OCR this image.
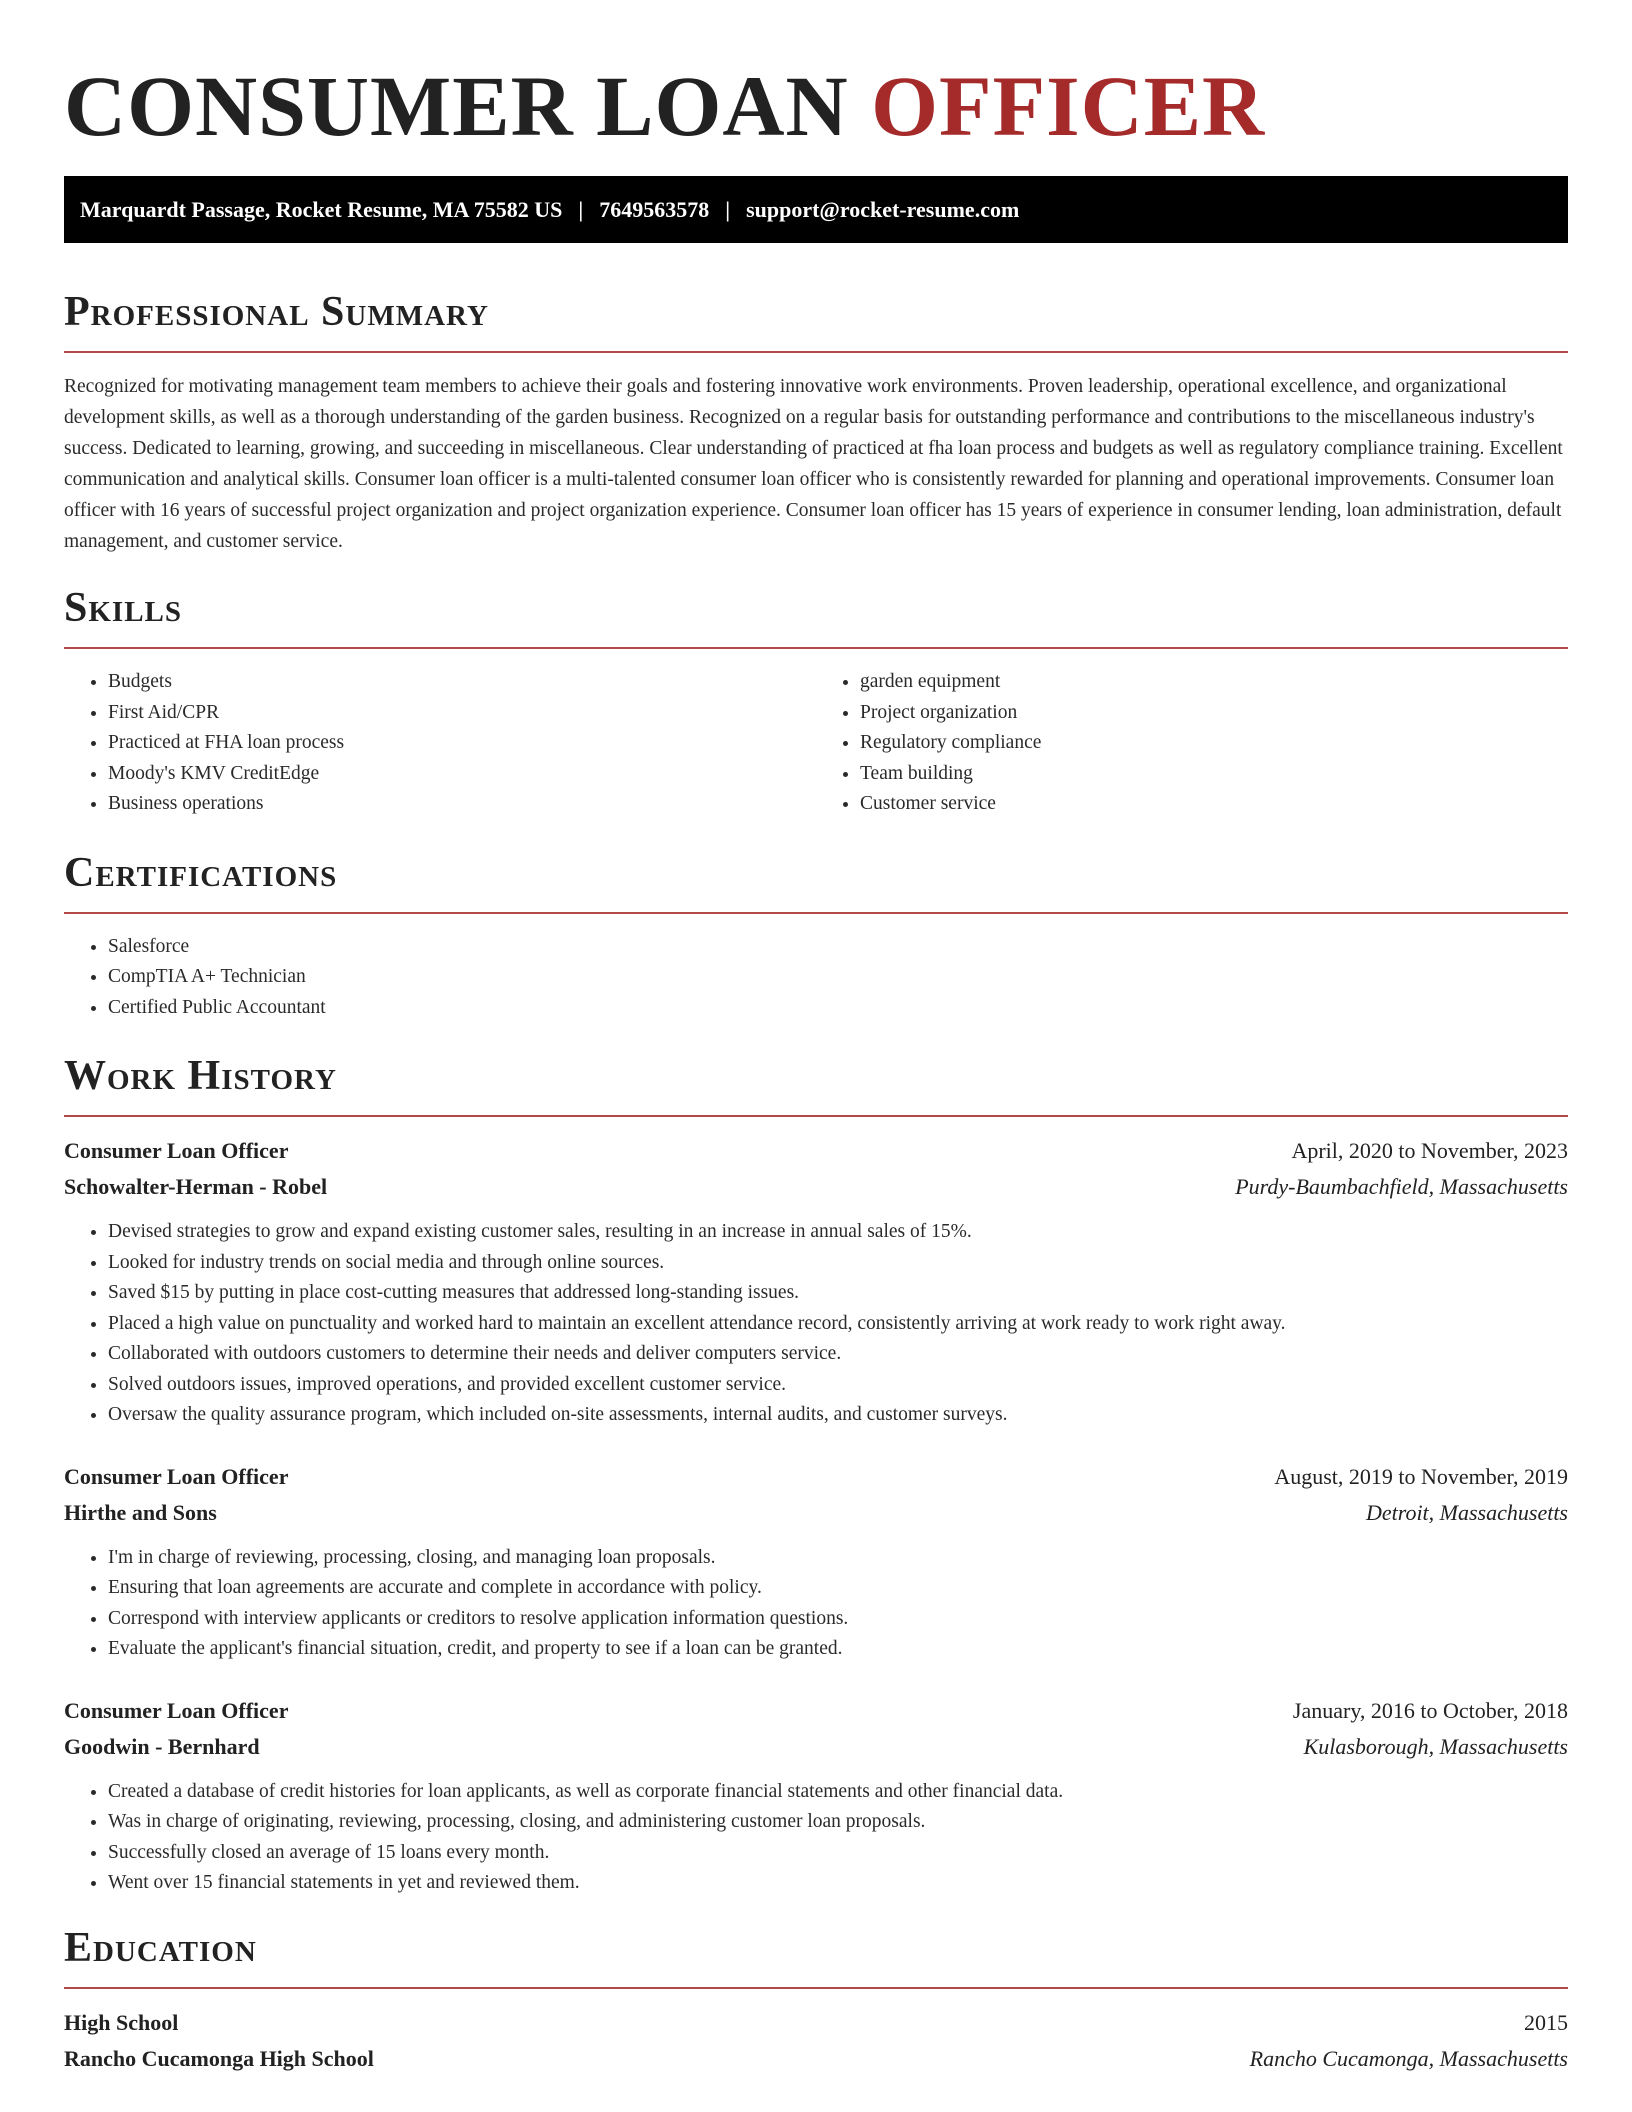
CONSUMER LOAN OFFICER
Marquardt Passage, Rocket Resume, MA 75582 US | 7649563578 | support@rocket-resume.com
Professional Summary

Recognized for motivating management team members to achieve their goals and fostering innovative work environments. Proven leadership, operational excellence, and organizational development skills, as well as a thorough understanding of the garden business. Recognized on a regular basis for outstanding performance and contributions to the miscellaneous industry's success. Dedicated to learning, growing, and succeeding in miscellaneous. Clear understanding of practiced at fha loan process and budgets as well as regulatory compliance training. Excellent communication and analytical skills. Consumer loan officer is a multi-talented consumer loan officer who is consistently rewarded for planning and operational improvements. Consumer loan officer with 16 years of successful project organization and project organization experience. Consumer loan officer has 15 years of experience in consumer lending, loan administration, default management, and customer service.

Skills
• Budgets
• First Aid/CPR
• Practiced at FHA loan process
• Moody's KMV CreditEdge
• Business operations
• garden equipment
• Project organization
• Regulatory compliance
• Team building
• Customer service
Certifications
• Salesforce
• CompTIA A+ Technician
• Certified Public Accountant
Work History
Consumer Loan Officer	April, 2020 to November, 2023
Schowalter-Herman - Robel	Purdy-Baumbachfield, Massachusetts
• Devised strategies to grow and expand existing customer sales, resulting in an increase in annual sales of 15%.
• Looked for industry trends on social media and through online sources.
• Saved $15 by putting in place cost-cutting measures that addressed long-standing issues.
• Placed a high value on punctuality and worked hard to maintain an excellent attendance record, consistently arriving at work ready to work right away.
• Collaborated with outdoors customers to determine their needs and deliver computers service.
• Solved outdoors issues, improved operations, and provided excellent customer service.
• Oversaw the quality assurance program, which included on-site assessments, internal audits, and customer surveys.
Consumer Loan Officer	August, 2019 to November, 2019
Hirthe and Sons	Detroit, Massachusetts
• I'm in charge of reviewing, processing, closing, and managing loan proposals.
• Ensuring that loan agreements are accurate and complete in accordance with policy.
• Correspond with interview applicants or creditors to resolve application information questions.
• Evaluate the applicant's financial situation, credit, and property to see if a loan can be granted.
Consumer Loan Officer	January, 2016 to October, 2018
Goodwin - Bernhard	Kulasborough, Massachusetts
• Created a database of credit histories for loan applicants, as well as corporate financial statements and other financial data.
• Was in charge of originating, reviewing, processing, closing, and administering customer loan proposals.
• Successfully closed an average of 15 loans every month.
• Went over 15 financial statements in yet and reviewed them.
Education
High School	2015
Rancho Cucamonga High School	Rancho Cucamonga, Massachusetts
